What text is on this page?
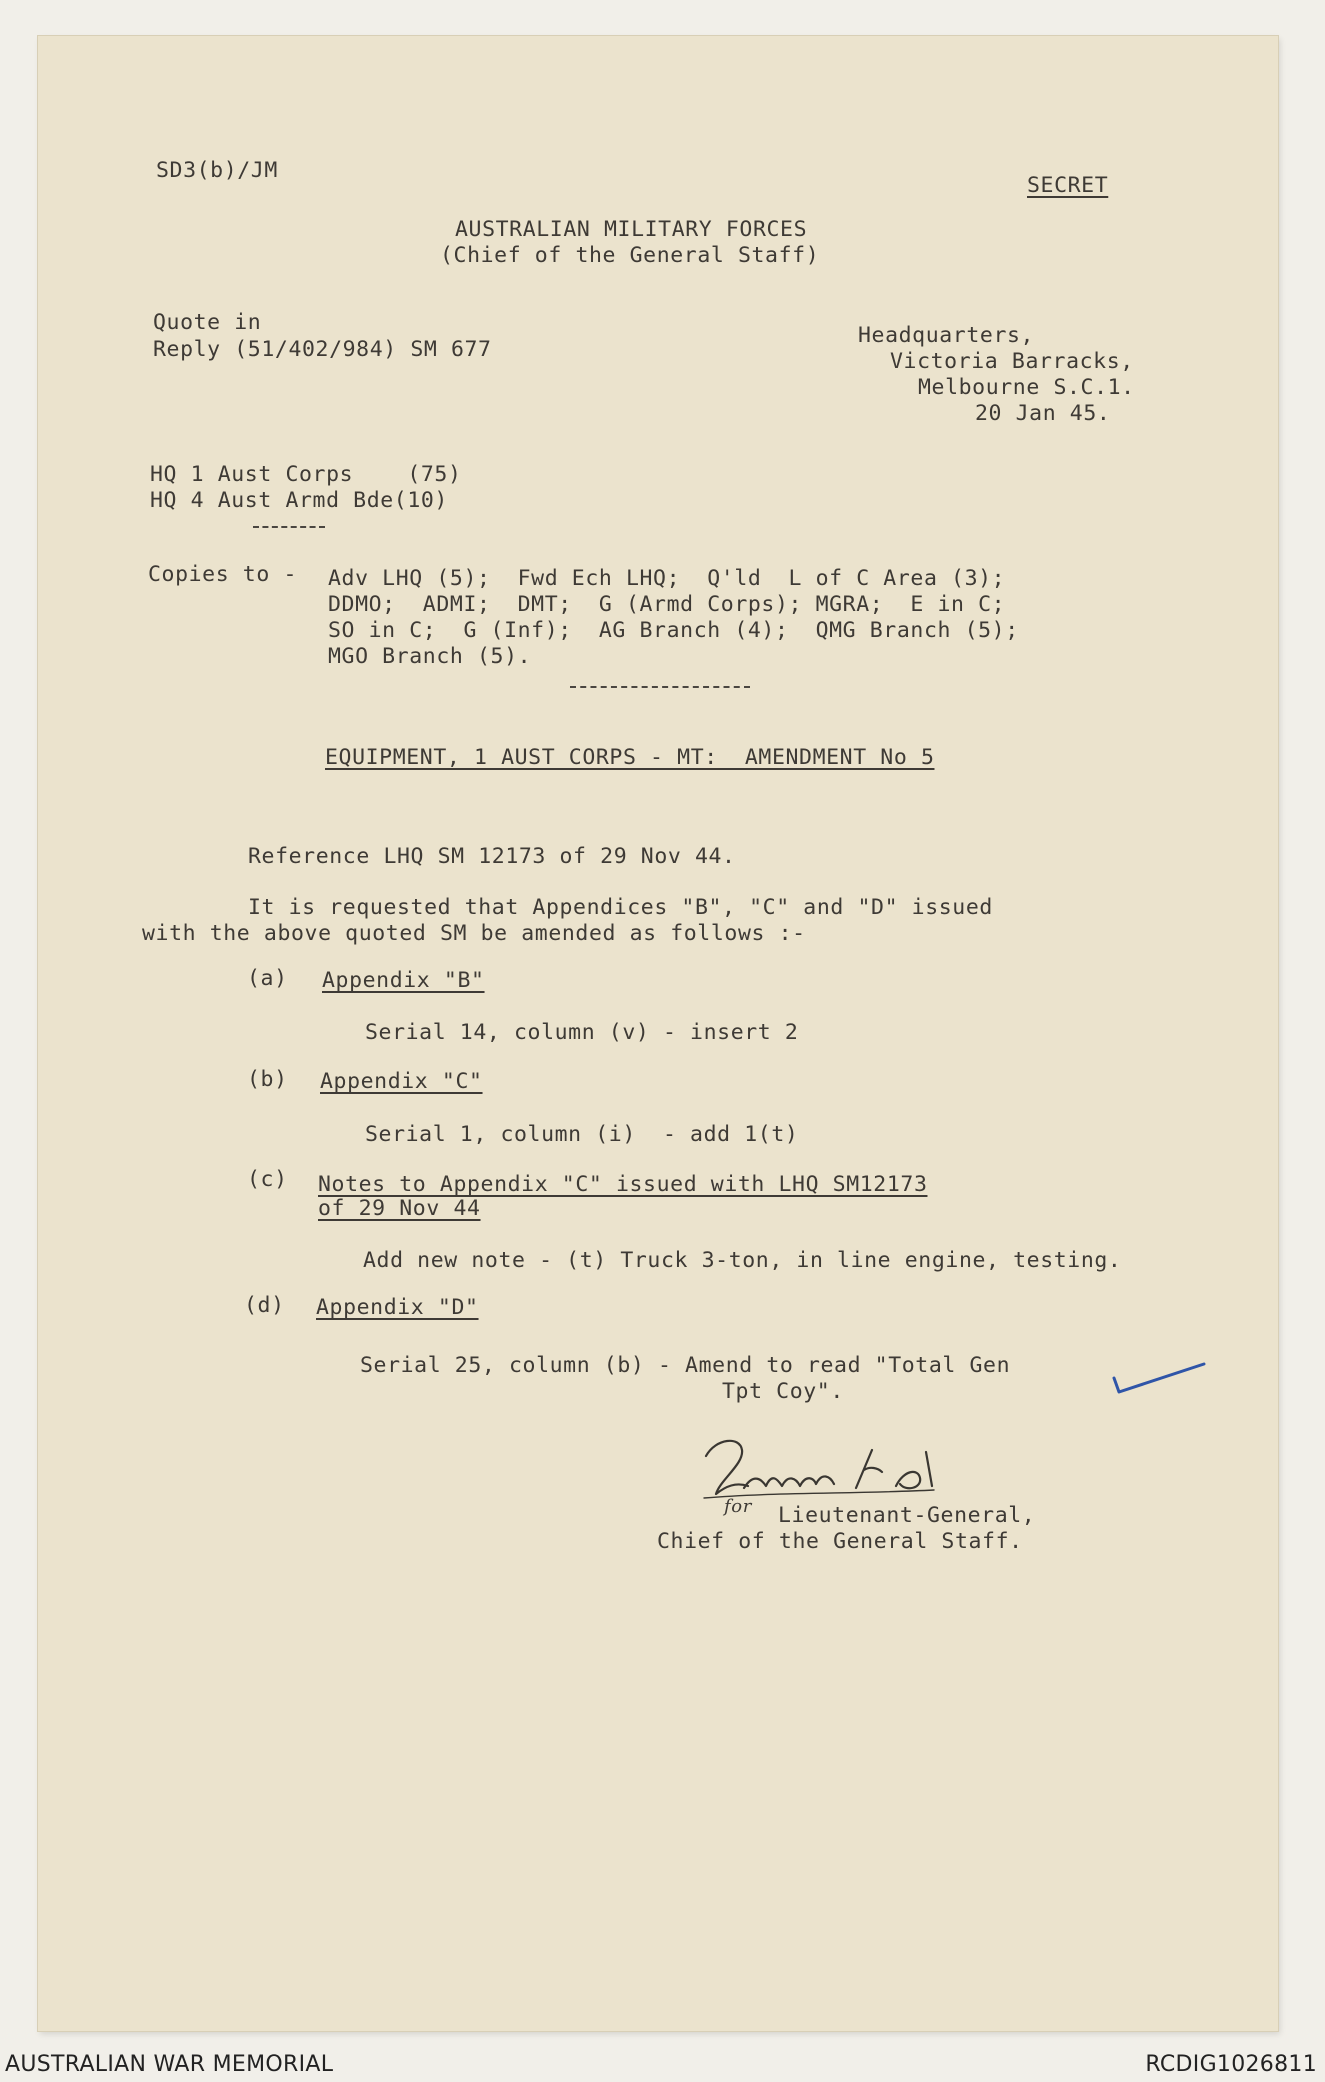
SD3(b)/JM
SECRET
AUSTRALIAN MILITARY FORCES
(Chief of the General Staff)
Quote in
Reply (51/402/984) SM 677
Headquarters,
Victoria Barracks,
Melbourne S.C.1.
20 Jan 45.
HQ 1 Aust Corps    (75)
HQ 4 Aust Armd Bde(10)
Copies to - Adv LHQ (5);  Fwd Ech LHQ;  Q'ld  L of C Area (3);
DDMO;  ADMI;  DMT;  G (Armd Corps); MGRA;  E in C;
SO in C;  G (Inf);  AG Branch (4);  QMG Branch (5);
MGO Branch (5).
EQUIPMENT, 1 AUST CORPS - MT:  AMENDMENT No 5
Reference LHQ SM 12173 of 29 Nov 44.
It is requested that Appendices "B", "C" and "D" issued
with the above quoted SM be amended as follows :-
(a) Appendix "B"
Serial 14, column (v) - insert 2
(b) Appendix "C"
Serial 1, column (i)  - add 1(t)
(c) Notes to Appendix "C" issued with LHQ SM12173
of 29 Nov 44
Add new note - (t) Truck 3-ton, in line engine, testing.
(d) Appendix "D"
Serial 25, column (b) - Amend to read "Total Gen
Tpt Coy".
for Lieutenant-General,
Chief of the General Staff.
AUSTRALIAN WAR MEMORIAL	RCDIG1026811
